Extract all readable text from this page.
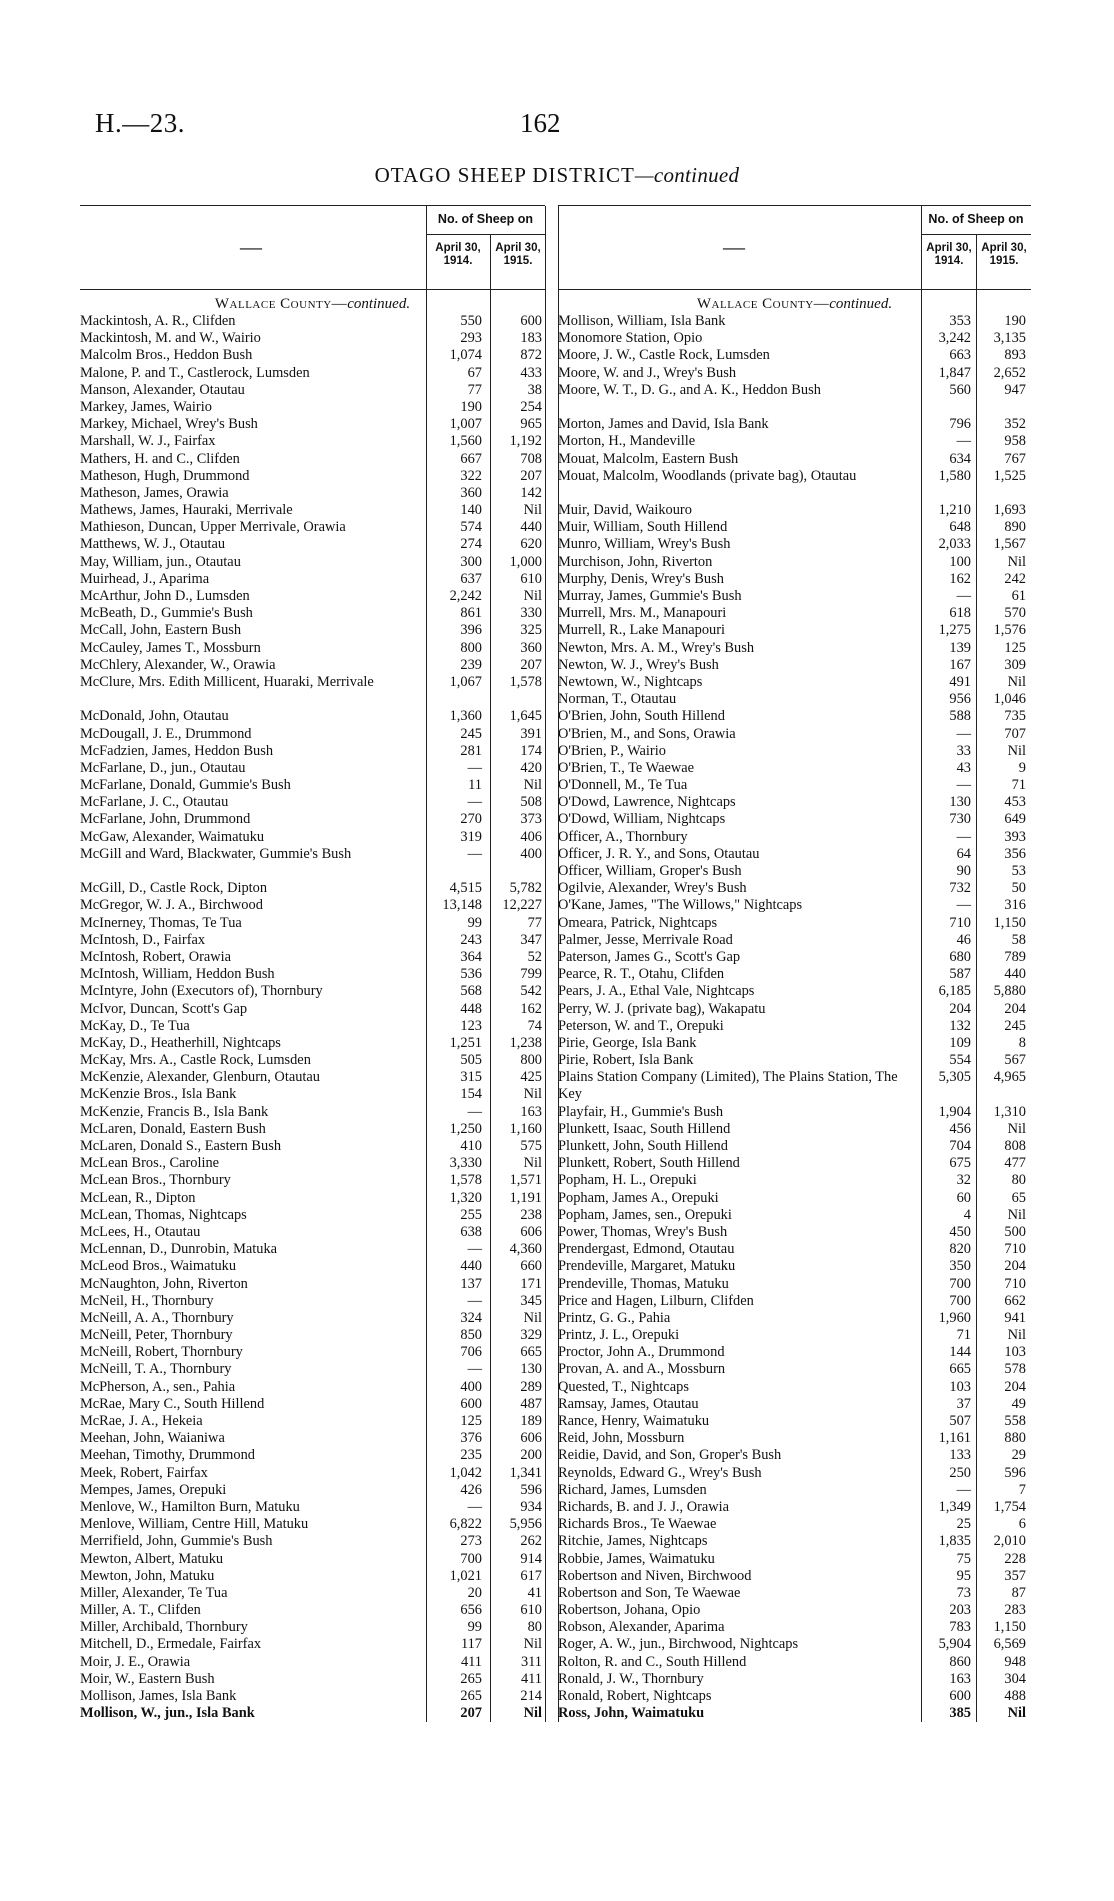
H.—23.	162
OTAGO SHEEP DISTRICT—continued
—
No. of Sheep on
April 30, 1914.
April 30, 1915.
Wallace County—continued.
Mackintosh, A. R., Clifden	550	600
Mackintosh, M. and W., Wairio	293	183
Malcolm Bros., Heddon Bush	1,074	872
Malone, P. and T., Castlerock, Lumsden	67	433
Manson, Alexander, Otautau	77	38
Markey, James, Wairio	190	254
Markey, Michael, Wrey's Bush	1,007	965
Marshall, W. J., Fairfax	1,560	1,192
Mathers, H. and C., Clifden	667	708
Matheson, Hugh, Drummond	322	207
Matheson, James, Orawia	360	142
Mathews, James, Hauraki, Merrivale	140	Nil
Mathieson, Duncan, Upper Merrivale, Orawia	574	440
Matthews, W. J., Otautau	274	620
May, William, jun., Otautau	300	1,000
Muirhead, J., Aparima	637	610
McArthur, John D., Lumsden	2,242	Nil
McBeath, D., Gummie's Bush	861	330
McCall, John, Eastern Bush	396	325
McCauley, James T., Mossburn	800	360
McChlery, Alexander, W., Orawia	239	207
McClure, Mrs. Edith Millicent, Huaraki, Merrivale	1,067	1,578
McDonald, John, Otautau	1,360	1,645
McDougall, J. E., Drummond	245	391
McFadzien, James, Heddon Bush	281	174
McFarlane, D., jun., Otautau	—	420
McFarlane, Donald, Gummie's Bush	11	Nil
McFarlane, J. C., Otautau	—	508
McFarlane, John, Drummond	270	373
McGaw, Alexander, Waimatuku	319	406
McGill and Ward, Blackwater, Gummie's Bush	—	400
McGill, D., Castle Rock, Dipton	4,515	5,782
McGregor, W. J. A., Birchwood	13,148	12,227
McInerney, Thomas, Te Tua	99	77
McIntosh, D., Fairfax	243	347
McIntosh, Robert, Orawia	364	52
McIntosh, William, Heddon Bush	536	799
McIntyre, John (Executors of), Thornbury	568	542
McIvor, Duncan, Scott's Gap	448	162
McKay, D., Te Tua	123	74
McKay, D., Heatherhill, Nightcaps	1,251	1,238
McKay, Mrs. A., Castle Rock, Lumsden	505	800
McKenzie, Alexander, Glenburn, Otautau	315	425
McKenzie Bros., Isla Bank	154	Nil
McKenzie, Francis B., Isla Bank	—	163
McLaren, Donald, Eastern Bush	1,250	1,160
McLaren, Donald S., Eastern Bush	410	575
McLean Bros., Caroline	3,330	Nil
McLean Bros., Thornbury	1,578	1,571
McLean, R., Dipton	1,320	1,191
McLean, Thomas, Nightcaps	255	238
McLees, H., Otautau	638	606
McLennan, D., Dunrobin, Matuka	—	4,360
McLeod Bros., Waimatuku	440	660
McNaughton, John, Riverton	137	171
McNeil, H., Thornbury	—	345
McNeill, A. A., Thornbury	324	Nil
McNeill, Peter, Thornbury	850	329
McNeill, Robert, Thornbury	706	665
McNeill, T. A., Thornbury	—	130
McPherson, A., sen., Pahia	400	289
McRae, Mary C., South Hillend	600	487
McRae, J. A., Hekeia	125	189
Meehan, John, Waianiwa	376	606
Meehan, Timothy, Drummond	235	200
Meek, Robert, Fairfax	1,042	1,341
Mempes, James, Orepuki	426	596
Menlove, W., Hamilton Burn, Matuku	—	934
Menlove, William, Centre Hill, Matuku	6,822	5,956
Merrifield, John, Gummie's Bush	273	262
Mewton, Albert, Matuku	700	914
Mewton, John, Matuku	1,021	617
Miller, Alexander, Te Tua	20	41
Miller, A. T., Clifden	656	610
Miller, Archibald, Thornbury	99	80
Mitchell, D., Ermedale, Fairfax	117	Nil
Moir, J. E., Orawia	411	311
Moir, W., Eastern Bush	265	411
Mollison, James, Isla Bank	265	214
Mollison, W., jun., Isla Bank	207	Nil
—
No. of Sheep on
April 30, 1914.
April 30, 1915.
Wallace County—continued.
Mollison, William, Isla Bank	353	190
Monomore Station, Opio	3,242	3,135
Moore, J. W., Castle Rock, Lumsden	663	893
Moore, W. and J., Wrey's Bush	1,847	2,652
Moore, W. T., D. G., and A. K., Heddon Bush	560	947
Morton, James and David, Isla Bank	796	352
Morton, H., Mandeville	—	958
Mouat, Malcolm, Eastern Bush	634	767
Mouat, Malcolm, Woodlands (private bag), Otautau	1,580	1,525
Muir, David, Waikouro	1,210	1,693
Muir, William, South Hillend	648	890
Munro, William, Wrey's Bush	2,033	1,567
Murchison, John, Riverton	100	Nil
Murphy, Denis, Wrey's Bush	162	242
Murray, James, Gummie's Bush	—	61
Murrell, Mrs. M., Manapouri	618	570
Murrell, R., Lake Manapouri	1,275	1,576
Newton, Mrs. A. M., Wrey's Bush	139	125
Newton, W. J., Wrey's Bush	167	309
Newtown, W., Nightcaps	491	Nil
Norman, T., Otautau	956	1,046
O'Brien, John, South Hillend	588	735
O'Brien, M., and Sons, Orawia	—	707
O'Brien, P., Wairio	33	Nil
O'Brien, T., Te Waewae	43	9
O'Donnell, M., Te Tua	—	71
O'Dowd, Lawrence, Nightcaps	130	453
O'Dowd, William, Nightcaps	730	649
Officer, A., Thornbury	—	393
Officer, J. R. Y., and Sons, Otautau	64	356
Officer, William, Groper's Bush	90	53
Ogilvie, Alexander, Wrey's Bush	732	50
O'Kane, James, "The Willows," Nightcaps	—	316
Omeara, Patrick, Nightcaps	710	1,150
Palmer, Jesse, Merrivale Road	46	58
Paterson, James G., Scott's Gap	680	789
Pearce, R. T., Otahu, Clifden	587	440
Pears, J. A., Ethal Vale, Nightcaps	6,185	5,880
Perry, W. J. (private bag), Wakapatu	204	204
Peterson, W. and T., Orepuki	132	245
Pirie, George, Isla Bank	109	8
Pirie, Robert, Isla Bank	554	567
Plains Station Company (Limited), The Plains Station, The Key
5,305	4,965
Playfair, H., Gummie's Bush	1,904	1,310
Plunkett, Isaac, South Hillend	456	Nil
Plunkett, John, South Hillend	704	808
Plunkett, Robert, South Hillend	675	477
Popham, H. L., Orepuki	32	80
Popham, James A., Orepuki	60	65
Popham, James, sen., Orepuki	4	Nil
Power, Thomas, Wrey's Bush	450	500
Prendergast, Edmond, Otautau	820	710
Prendeville, Margaret, Matuku	350	204
Prendeville, Thomas, Matuku	700	710
Price and Hagen, Lilburn, Clifden	700	662
Printz, G. G., Pahia	1,960	941
Printz, J. L., Orepuki	71	Nil
Proctor, John A., Drummond	144	103
Provan, A. and A., Mossburn	665	578
Quested, T., Nightcaps	103	204
Ramsay, James, Otautau	37	49
Rance, Henry, Waimatuku	507	558
Reid, John, Mossburn	1,161	880
Reidie, David, and Son, Groper's Bush	133	29
Reynolds, Edward G., Wrey's Bush	250	596
Richard, James, Lumsden	—	7
Richards, B. and J. J., Orawia	1,349	1,754
Richards Bros., Te Waewae	25	6
Ritchie, James, Nightcaps	1,835	2,010
Robbie, James, Waimatuku	75	228
Robertson and Niven, Birchwood	95	357
Robertson and Son, Te Waewae	73	87
Robertson, Johana, Opio	203	283
Robson, Alexander, Aparima	783	1,150
Roger, A. W., jun., Birchwood, Nightcaps	5,904	6,569
Rolton, R. and C., South Hillend	860	948
Ronald, J. W., Thornbury	163	304
Ronald, Robert, Nightcaps	600	488
Ross, John, Waimatuku	385	Nil
